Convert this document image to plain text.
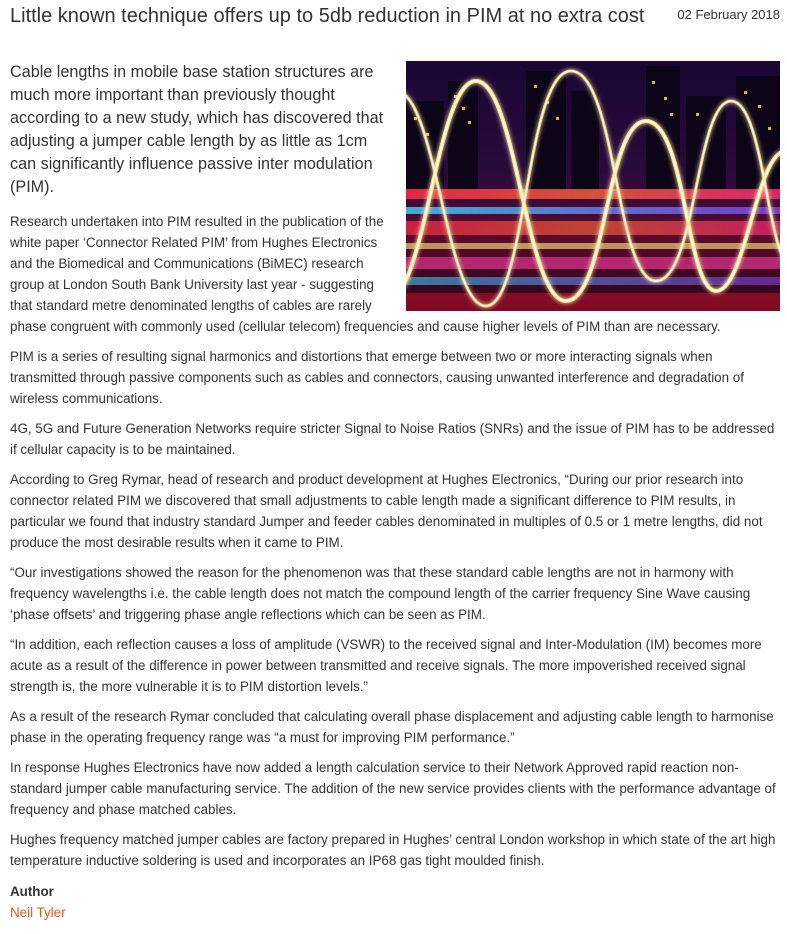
Little known technique offers up to 5db reduction in PIM at no extra cost	02 February 2018

Cable lengths in mobile base station structures are much more important than previously thought according to a new study, which has discovered that adjusting a jumper cable length by as little as 1cm can significantly influence passive inter modulation (PIM).

Research undertaken into PIM resulted in the publication of the white paper ‘Connector Related PIM’ from Hughes Electronics and the Biomedical and Communications (BiMEC) research group at London South Bank University last year - suggesting that standard metre denominated lengths of cables are rarely phase congruent with commonly used (cellular telecom) frequencies and cause higher levels of PIM than are necessary.

PIM is a series of resulting signal harmonics and distortions that emerge between two or more interacting signals when transmitted through passive components such as cables and connectors, causing unwanted interference and degradation of wireless communications.

4G, 5G and Future Generation Networks require stricter Signal to Noise Ratios (SNRs) and the issue of PIM has to be addressed if cellular capacity is to be maintained.

According to Greg Rymar, head of research and product development at Hughes Electronics, “During our prior research into connector related PIM we discovered that small adjustments to cable length made a significant difference to PIM results, in particular we found that industry standard Jumper and feeder cables denominated in multiples of 0.5 or 1 metre lengths, did not produce the most desirable results when it came to PIM.

“Our investigations showed the reason for the phenomenon was that these standard cable lengths are not in harmony with frequency wavelengths i.e. the cable length does not match the compound length of the carrier frequency Sine Wave causing ‘phase offsets’ and triggering phase angle reflections which can be seen as PIM.

“In addition, each reflection causes a loss of amplitude (VSWR) to the received signal and Inter-Modulation (IM) becomes more acute as a result of the difference in power between transmitted and receive signals. The more impoverished received signal strength is, the more vulnerable it is to PIM distortion levels.”

As a result of the research Rymar concluded that calculating overall phase displacement and adjusting cable length to harmonise phase in the operating frequency range was “a must for improving PIM performance.”

In response Hughes Electronics have now added a length calculation service to their Network Approved rapid reaction non-standard jumper cable manufacturing service. The addition of the new service provides clients with the performance advantage of frequency and phase matched cables.

Hughes frequency matched jumper cables are factory prepared in Hughes’ central London workshop in which state of the art high temperature inductive soldering is used and incorporates an IP68 gas tight moulded finish.

Author
Neil Tyler
